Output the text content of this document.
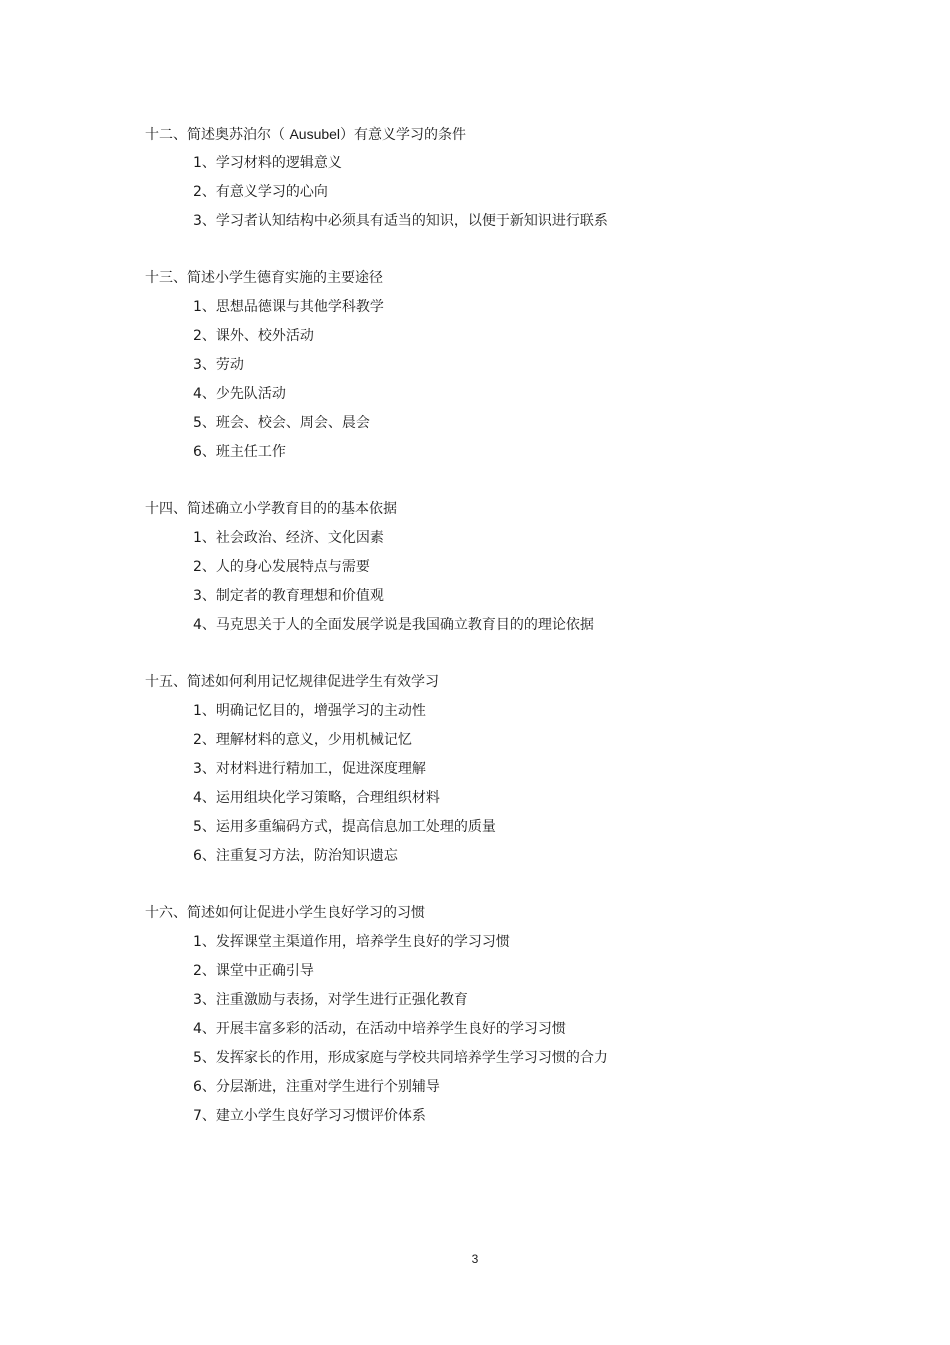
十二、简述奥苏泊尔（ Ausubel）有意义学习的条件
1、学习材料的逻辑意义
2、有意义学习的心向
3、学习者认知结构中必须具有适当的知识，以便于新知识进行联系
十三、简述小学生德育实施的主要途径
1、思想品德课与其他学科教学
2、课外、校外活动
3、劳动
4、少先队活动
5、班会、校会、周会、晨会
6、班主任工作
十四、简述确立小学教育目的的基本依据
1、社会政治、经济、文化因素
2、人的身心发展特点与需要
3、制定者的教育理想和价值观
4、马克思关于人的全面发展学说是我国确立教育目的的理论依据
十五、简述如何利用记忆规律促进学生有效学习
1、明确记忆目的，增强学习的主动性
2、理解材料的意义，少用机械记忆
3、对材料进行精加工，促进深度理解
4、运用组块化学习策略，合理组织材料
5、运用多重编码方式，提高信息加工处理的质量
6、注重复习方法，防治知识遗忘
十六、简述如何让促进小学生良好学习的习惯
1、发挥课堂主渠道作用，培养学生良好的学习习惯
2、课堂中正确引导
3、注重激励与表扬，对学生进行正强化教育
4、开展丰富多彩的活动，在活动中培养学生良好的学习习惯
5、发挥家长的作用，形成家庭与学校共同培养学生学习习惯的合力
6、分层渐进，注重对学生进行个别辅导
7、建立小学生良好学习习惯评价体系
3
